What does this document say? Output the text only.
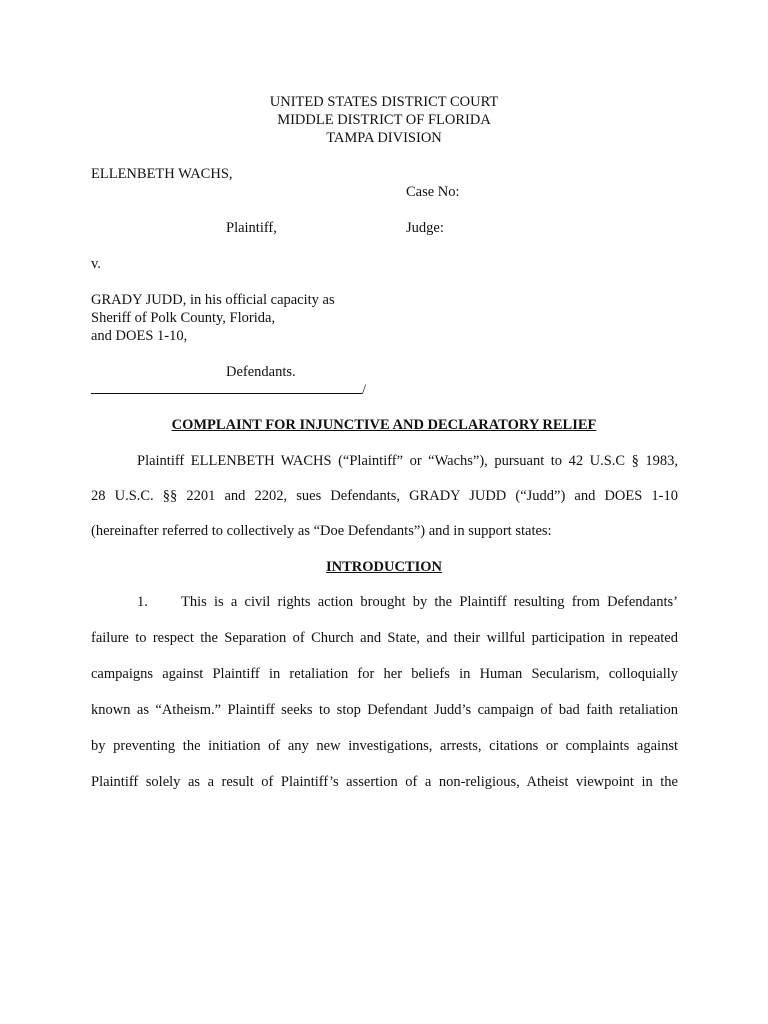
UNITED STATES DISTRICT COURT
MIDDLE DISTRICT OF FLORIDA
TAMPA DIVISION
ELLENBETH WACHS,
Case No:
Plaintiff,	Judge:
v.
GRADY JUDD, in his official capacity as
Sheriff of Polk County, Florida,
and DOES 1-10,
Defendants.
/
COMPLAINT FOR INJUNCTIVE AND DECLARATORY RELIEF
Plaintiff ELLENBETH WACHS (“Plaintiff” or “Wachs”), pursuant to 42 U.S.C § 1983,
28 U.S.C. §§ 2201 and 2202, sues Defendants, GRADY JUDD (“Judd”) and DOES 1-10
(hereinafter referred to collectively as “Doe Defendants”) and in support states:
INTRODUCTION
1. This is a civil rights action brought by the Plaintiff resulting from Defendants’
failure to respect the Separation of Church and State, and their willful participation in repeated
campaigns against Plaintiff in retaliation for her beliefs in Human Secularism, colloquially
known as “Atheism.” Plaintiff seeks to stop Defendant Judd’s campaign of bad faith retaliation
by preventing the initiation of any new investigations, arrests, citations or complaints against
Plaintiff solely as a result of Plaintiff’s assertion of a non-religious, Atheist viewpoint in the
